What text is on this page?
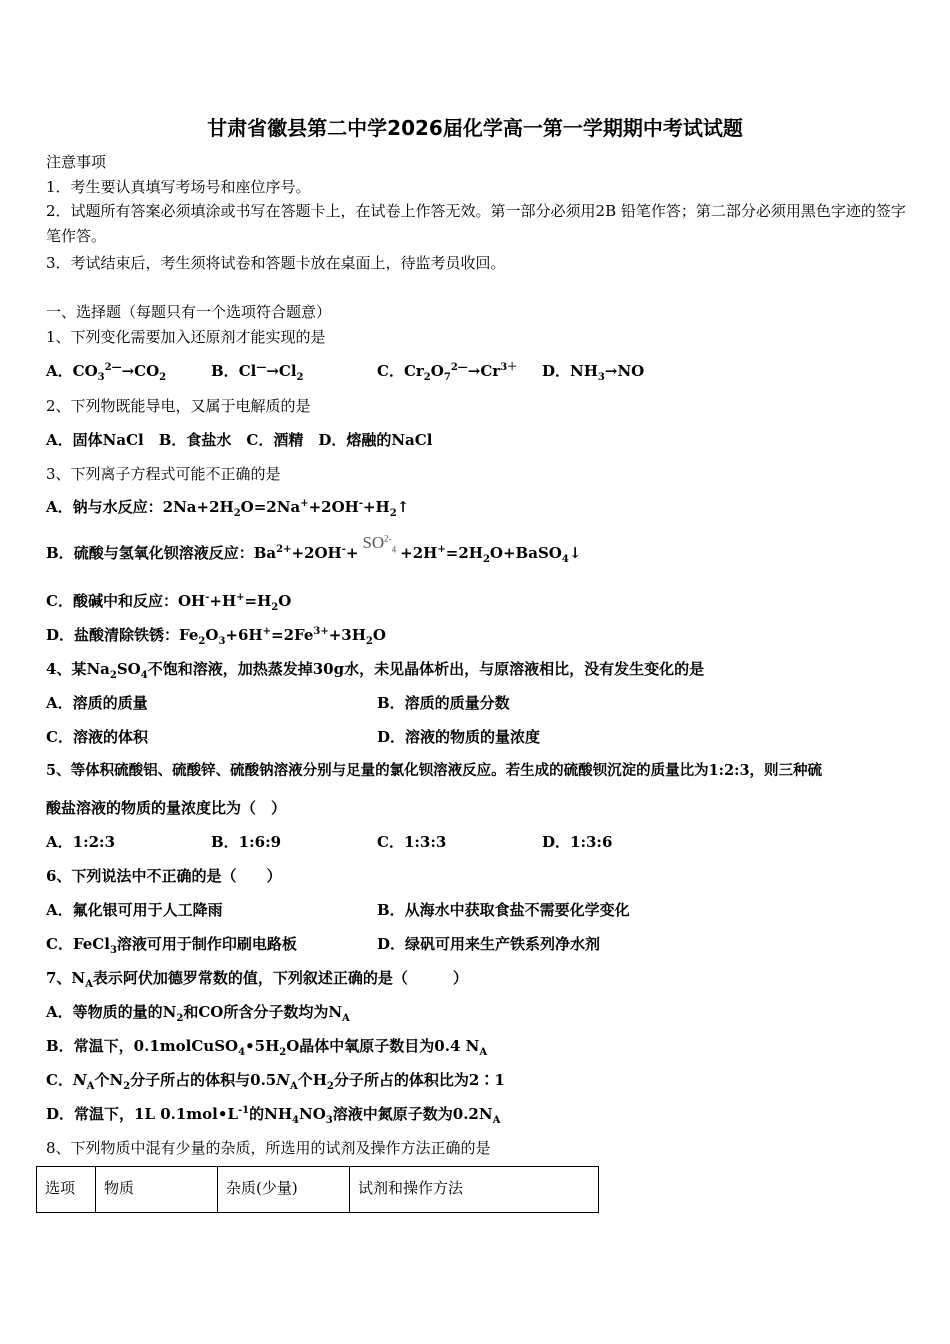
甘肃省徽县第二中学2026届化学高一第一学期期中考试试题
注意事项
1．考生要认真填写考场号和座位序号。
2．试题所有答案必须填涂或书写在答题卡上，在试卷上作答无效。第一部分必须用2B 铅笔作答；第二部分必须用黑色字迹的签字笔作答。
3．考试结束后，考生须将试卷和答题卡放在桌面上，待监考员收回。
一、选择题（每题只有一个选项符合题意）
1、下列变化需要加入还原剂才能实现的是
A．$CO_3^{2—}\to CO_2$	B．$Cl^—\to Cl_2$	C．$Cr_2O_7^{2—}\to Cr^{3+}$ D．$NH_3\to NO$
2、下列物既能导电，又属于电解质的是
A．固体NaCl　B．食盐水　C．酒精　D．熔融的NaCl
3、下列离子方程式可能不正确的是
A．钠与水反应：$2Na+2H_2O=2Na^++2OH^-+H_2↑$
B．硫酸与氢氧化钡溶液反应：$Ba^{2+}+2OH^-+SO^{2-}_4$ $+2H^+=2H_2O+BaSO_4↓$
C．酸碱中和反应：$OH^-+H^+=H_2O$
D．盐酸清除铁锈：$Fe_2O_3+6H^+=2Fe^{3+}+3H_2O$
4、某$Na_2SO_4$不饱和溶液，加热蒸发掉30g水，未见晶体析出，与原溶液相比，没有发生变化的是
A．溶质的质量	B．溶质的质量分数
C．溶液的体积	D．溶液的物质的量浓度
5、等体积硫酸铝、硫酸锌、硫酸钠溶液分别与足量的氯化钡溶液反应。若生成的硫酸钡沉淀的质量比为1:2:3，则三种硫
酸盐溶液的物质的量浓度比为（　）
A．1:2:3	B．1:6:9	C．1:3:3	D．1:3:6
6、下列说法中不正确的是（　　）
A．氟化银可用于人工降雨	B．从海水中获取食盐不需要化学变化
C．FeCl$_3$溶液可用于制作印刷电路板	D．绿矾可用来生产铁系列净水剂
7、$N_A$表示阿伏加德罗常数的值，下列叙述正确的是（　　　）
A．等物质的量的$N_2$和CO所含分子数均为$N_A$
B．常温下，$0.1molCuSO_4•5H_2O$晶体中氧原子数目为0.4 $N_A$
C．$N_A$个$N_2$分子所占的体积与$0.5N_A$个$H_2$分子所占的体积比为2∶1
D．常温下，1L $0.1mol•L^{-1}$的$NH_4NO_3$溶液中氮原子数为$0.2N_A$
8、下列物质中混有少量的杂质，所选用的试剂及操作方法正确的是
选项	物质	杂质(少量)	试剂和操作方法
